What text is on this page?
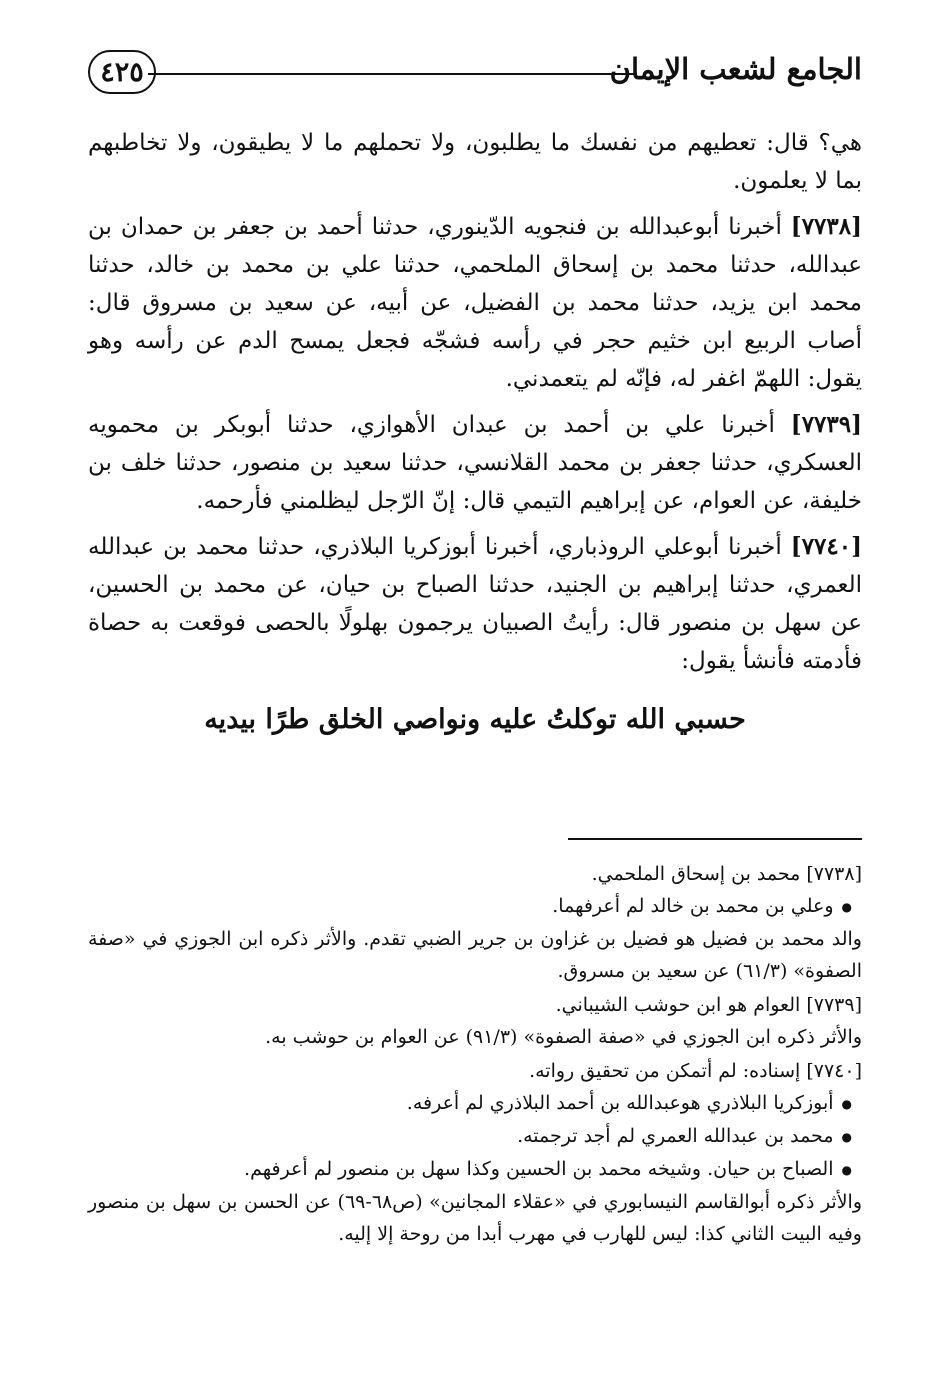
الجامع لشعب الإيمان
٤٢٥

هي؟ قال: تعطيهم من نفسك ما يطلبون، ولا تحملهم ما لا يطيقون، ولا تخاطبهم بما لا يعلمون.

[٧٧٣٨] أخبرنا أبوعبدالله بن فنجويه الدّينوري، حدثنا أحمد بن جعفر بن حمدان بن عبدالله، حدثنا محمد بن إسحاق الملحمي، حدثنا علي بن محمد بن خالد، حدثنا محمد ابن يزيد، حدثنا محمد بن الفضيل، عن أبيه، عن سعيد بن مسروق قال: أصاب الربيع ابن خثيم حجر في رأسه فشجّه فجعل يمسح الدم عن رأسه وهو يقول: اللهمّ اغفر له، فإنّه لم يتعمدني.

[٧٧٣٩] أخبرنا علي بن أحمد بن عبدان الأهوازي، حدثنا أبوبكر بن محمويه العسكري، حدثنا جعفر بن محمد القلانسي، حدثنا سعيد بن منصور، حدثنا خلف بن خليفة، عن العوام، عن إبراهيم التيمي قال: إنّ الرّجل ليظلمني فأرحمه.

[٧٧٤٠] أخبرنا أبوعلي الروذباري، أخبرنا أبوزكريا البلاذري، حدثنا محمد بن عبدالله العمري، حدثنا إبراهيم بن الجنيد، حدثنا الصباح بن حيان، عن محمد بن الحسين، عن سهل بن منصور قال: رأيتُ الصبيان يرجمون بهلولًا بالحصى فوقعت به حصاة فأدمته فأنشأ يقول:

حسبي الله توكلتُ عليه ونواصي الخلق طرًا بيديه

[٧٧٣٨] محمد بن إسحاق الملحمي.

● وعلي بن محمد بن خالد لم أعرفهما.

والد محمد بن فضيل هو فضيل بن غزاون بن جرير الضبي تقدم. والأثر ذكره ابن الجوزي في «صفة الصفوة» (٦١/٣) عن سعيد بن مسروق.

[٧٧٣٩] العوام هو ابن حوشب الشيباني.

والأثر ذكره ابن الجوزي في «صفة الصفوة» (٩١/٣) عن العوام بن حوشب به.

[٧٧٤٠] إسناده: لم أتمكن من تحقيق رواته.

● أبوزكريا البلاذري هوعبدالله بن أحمد البلاذري لم أعرفه.

● محمد بن عبدالله العمري لم أجد ترجمته.

● الصباح بن حيان. وشيخه محمد بن الحسين وكذا سهل بن منصور لم أعرفهم.

والأثر ذكره أبوالقاسم النيسابوري في «عقلاء المجانين» (ص٦٨-٦٩) عن الحسن بن سهل بن منصور وفيه البيت الثاني كذا: ليس للهارب في مهرب أبدا من روحة إلا إليه.
